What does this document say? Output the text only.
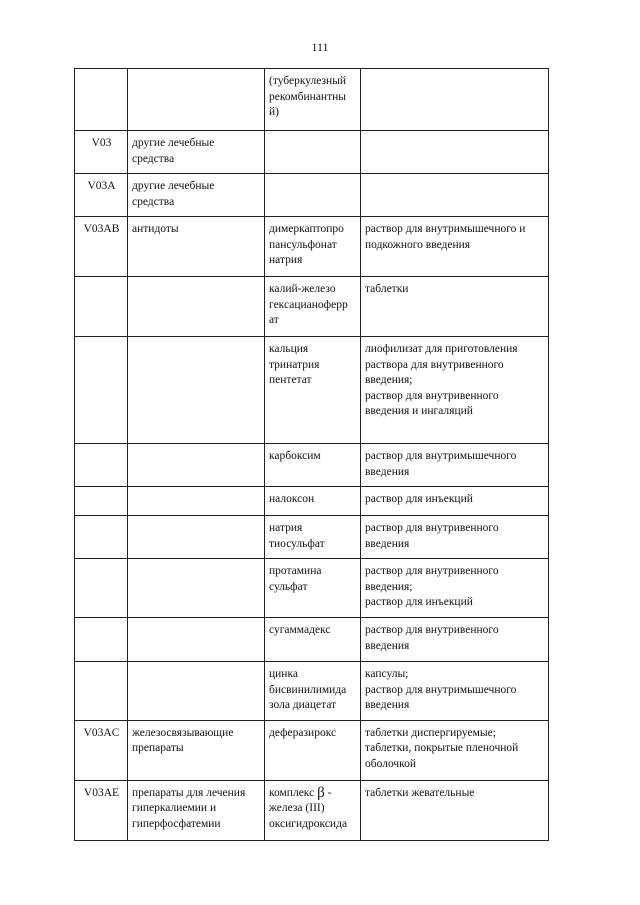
111

		(туберкулезный
рекомбинантны
й)	

V03	другие лечебные
средства		

V03A	другие лечебные
средства		

V03AB	антидоты	димеркаптопро
пансульфонат
натрия	раствор для внутримышечного и
подкожного введения

		калий-железо
гексацианоферр
ат	таблетки

		кальция
тринатрия
пентетат	лиофилизат для приготовления
раствора для внутривенного
введения;
раствор для внутривенного
введения и ингаляций

		карбоксим	раствор для внутримышечного
введения

		налоксон	раствор для инъекций

		натрия
тиосульфат	раствор для внутривенного
введения

		протамина
сульфат	раствор для внутривенного
введения;
раствор для инъекций

		сугаммадекс	раствор для внутривенного
введения

		цинка
бисвинилимида
зола диацетат	капсулы;
раствор для внутримышечного
введения

V03AC	железосвязывающие
препараты	деферазирокс	таблетки диспергируемые;
таблетки, покрытые пленочной
оболочкой

V03AE	препараты для лечения
гиперкалиемии и
гиперфосфатемии	комплекс β -
железа (III)
оксигидроксида	таблетки жевательные
